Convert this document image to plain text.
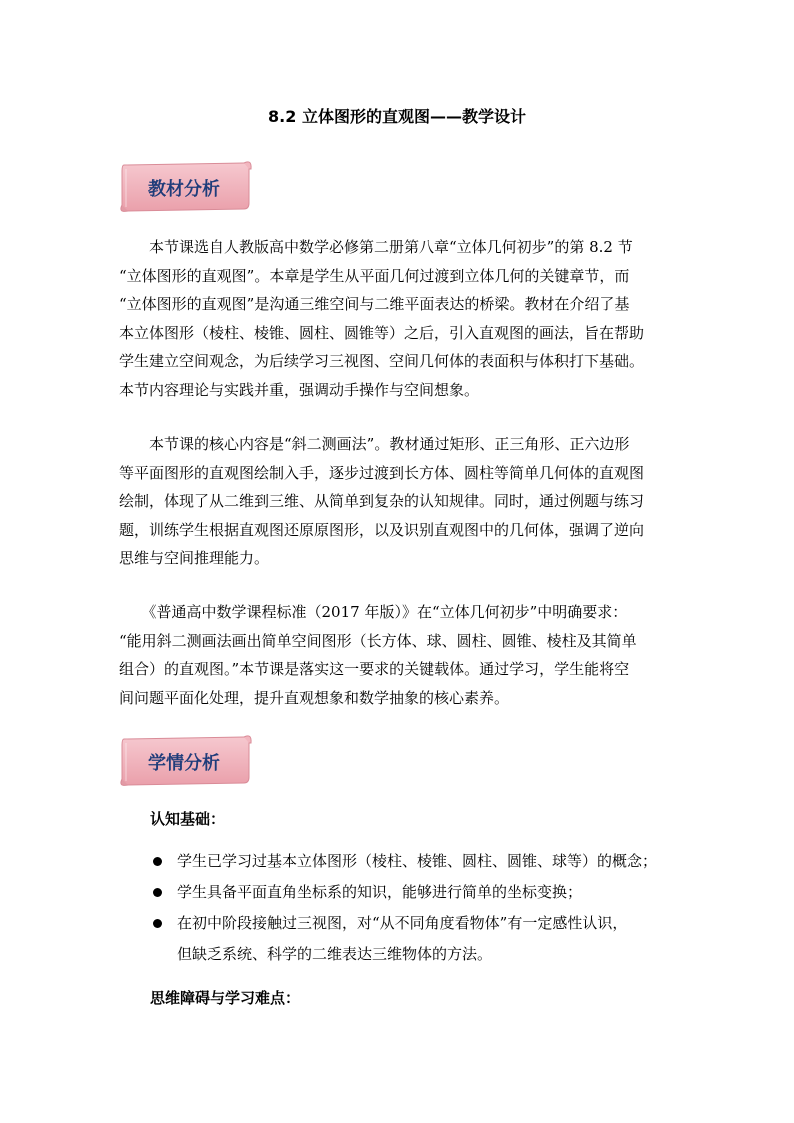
8.2 立体图形的直观图——教学设计
教材分析
　　本节课选自人教版高中数学必修第二册第八章“立体几何初步”的第 8.2 节
“立体图形的直观图”。本章是学生从平面几何过渡到立体几何的关键章节，而
“立体图形的直观图”是沟通三维空间与二维平面表达的桥梁。教材在介绍了基
本立体图形（棱柱、棱锥、圆柱、圆锥等）之后，引入直观图的画法，旨在帮助
学生建立空间观念，为后续学习三视图、空间几何体的表面积与体积打下基础。
本节内容理论与实践并重，强调动手操作与空间想象。
　　本节课的核心内容是“斜二测画法”。教材通过矩形、正三角形、正六边形
等平面图形的直观图绘制入手，逐步过渡到长方体、圆柱等简单几何体的直观图
绘制，体现了从二维到三维、从简单到复杂的认知规律。同时，通过例题与练习
题，训练学生根据直观图还原原图形，以及识别直观图中的几何体，强调了逆向
思维与空间推理能力。
　　《普通高中数学课程标准（2017 年版）》在“立体几何初步”中明确要求：
“能用斜二测画法画出简单空间图形（长方体、球、圆柱、圆锥、棱柱及其简单
组合）的直观图。”本节课是落实这一要求的关键载体。通过学习，学生能将空
间问题平面化处理，提升直观想象和数学抽象的核心素养。
学情分析
认知基础：
学生已学习过基本立体图形（棱柱、棱锥、圆柱、圆锥、球等）的概念；
学生具备平面直角坐标系的知识，能够进行简单的坐标变换；
在初中阶段接触过三视图，对“从不同角度看物体”有一定感性认识，
但缺乏系统、科学的二维表达三维物体的方法。
思维障碍与学习难点：
